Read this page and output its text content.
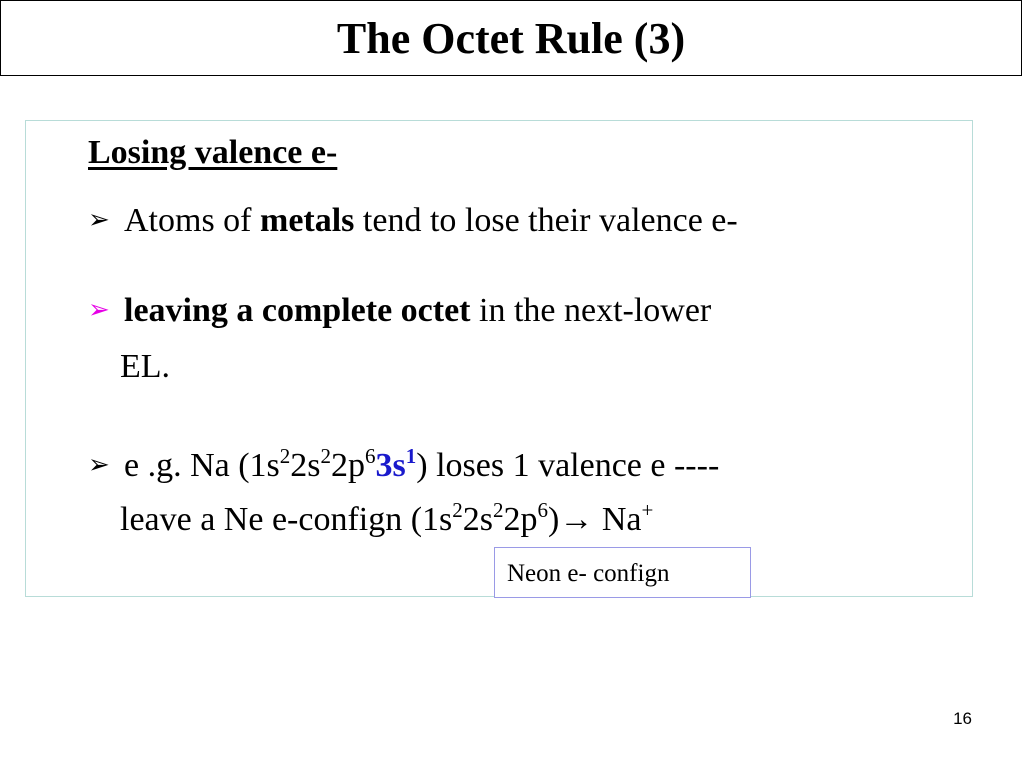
The Octet Rule (3)
Losing valence e-
➢ Atoms of metals tend to lose their valence e-
➢ leaving a complete octet in the next-lower
EL.
➢ e .g. Na $(1s^22s^22p^63s^1)$ loses 1 valence e ----
leave a Ne e-confign $(1s^22s^22p^6)\to Na^+$
Neon e- confign
16
